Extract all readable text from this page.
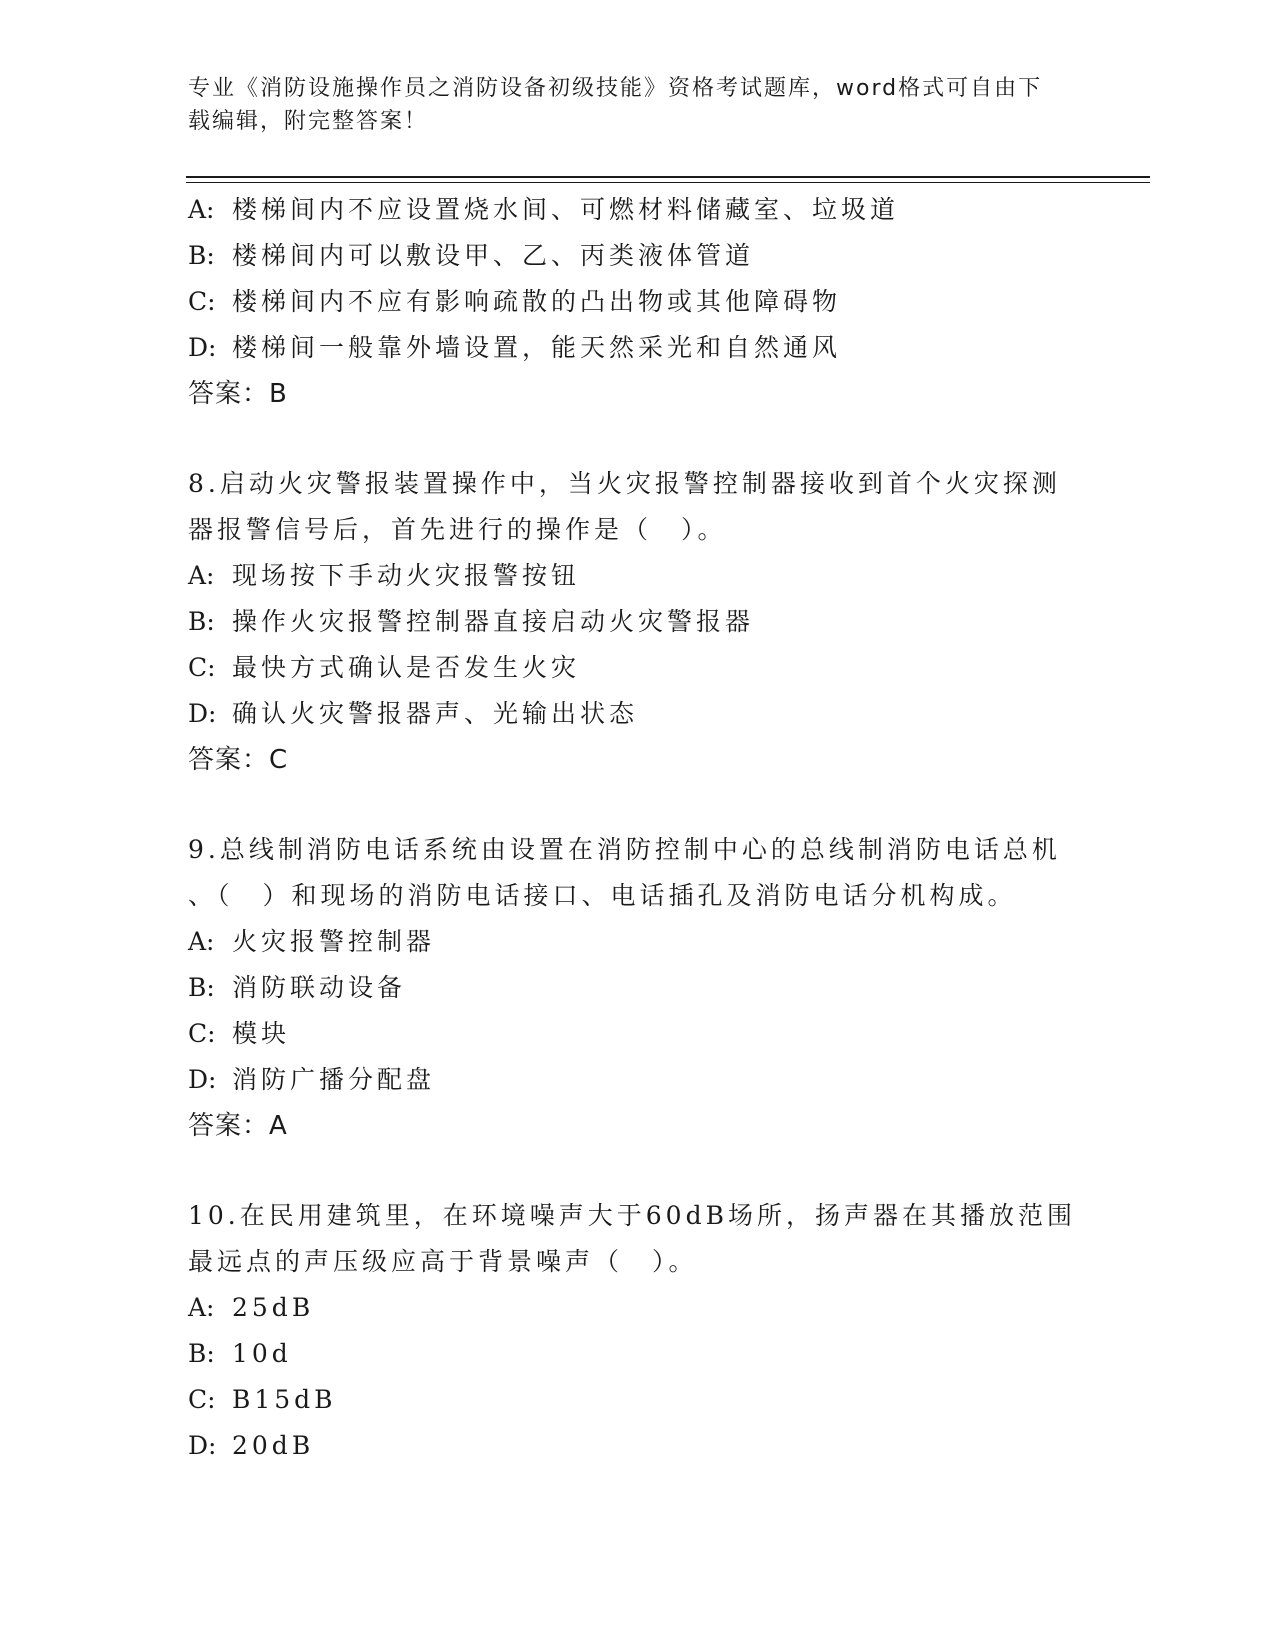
专业《消防设施操作员之消防设备初级技能》资格考试题库，word格式可自由下
载编辑，附完整答案！
A: 楼梯间内不应设置烧水间、可燃材料储藏室、垃圾道
B: 楼梯间内可以敷设甲、乙、丙类液体管道
C: 楼梯间内不应有影响疏散的凸出物或其他障碍物
D: 楼梯间一般靠外墙设置，能天然采光和自然通风
答案：B
8.启动火灾警报装置操作中，当火灾报警控制器接收到首个火灾探测
器报警信号后，首先进行的操作是（　）。
A: 现场按下手动火灾报警按钮
B: 操作火灾报警控制器直接启动火灾警报器
C: 最快方式确认是否发生火灾
D: 确认火灾警报器声、光输出状态
答案：C
9.总线制消防电话系统由设置在消防控制中心的总线制消防电话总机
、（　）和现场的消防电话接口、电话插孔及消防电话分机构成。
A: 火灾报警控制器
B: 消防联动设备
C: 模块
D: 消防广播分配盘
答案：A
10.在民用建筑里，在环境噪声大于60dB场所，扬声器在其播放范围
最远点的声压级应高于背景噪声（　）。
A: 25dB
B: 10d
C: B15dB
D: 20dB
